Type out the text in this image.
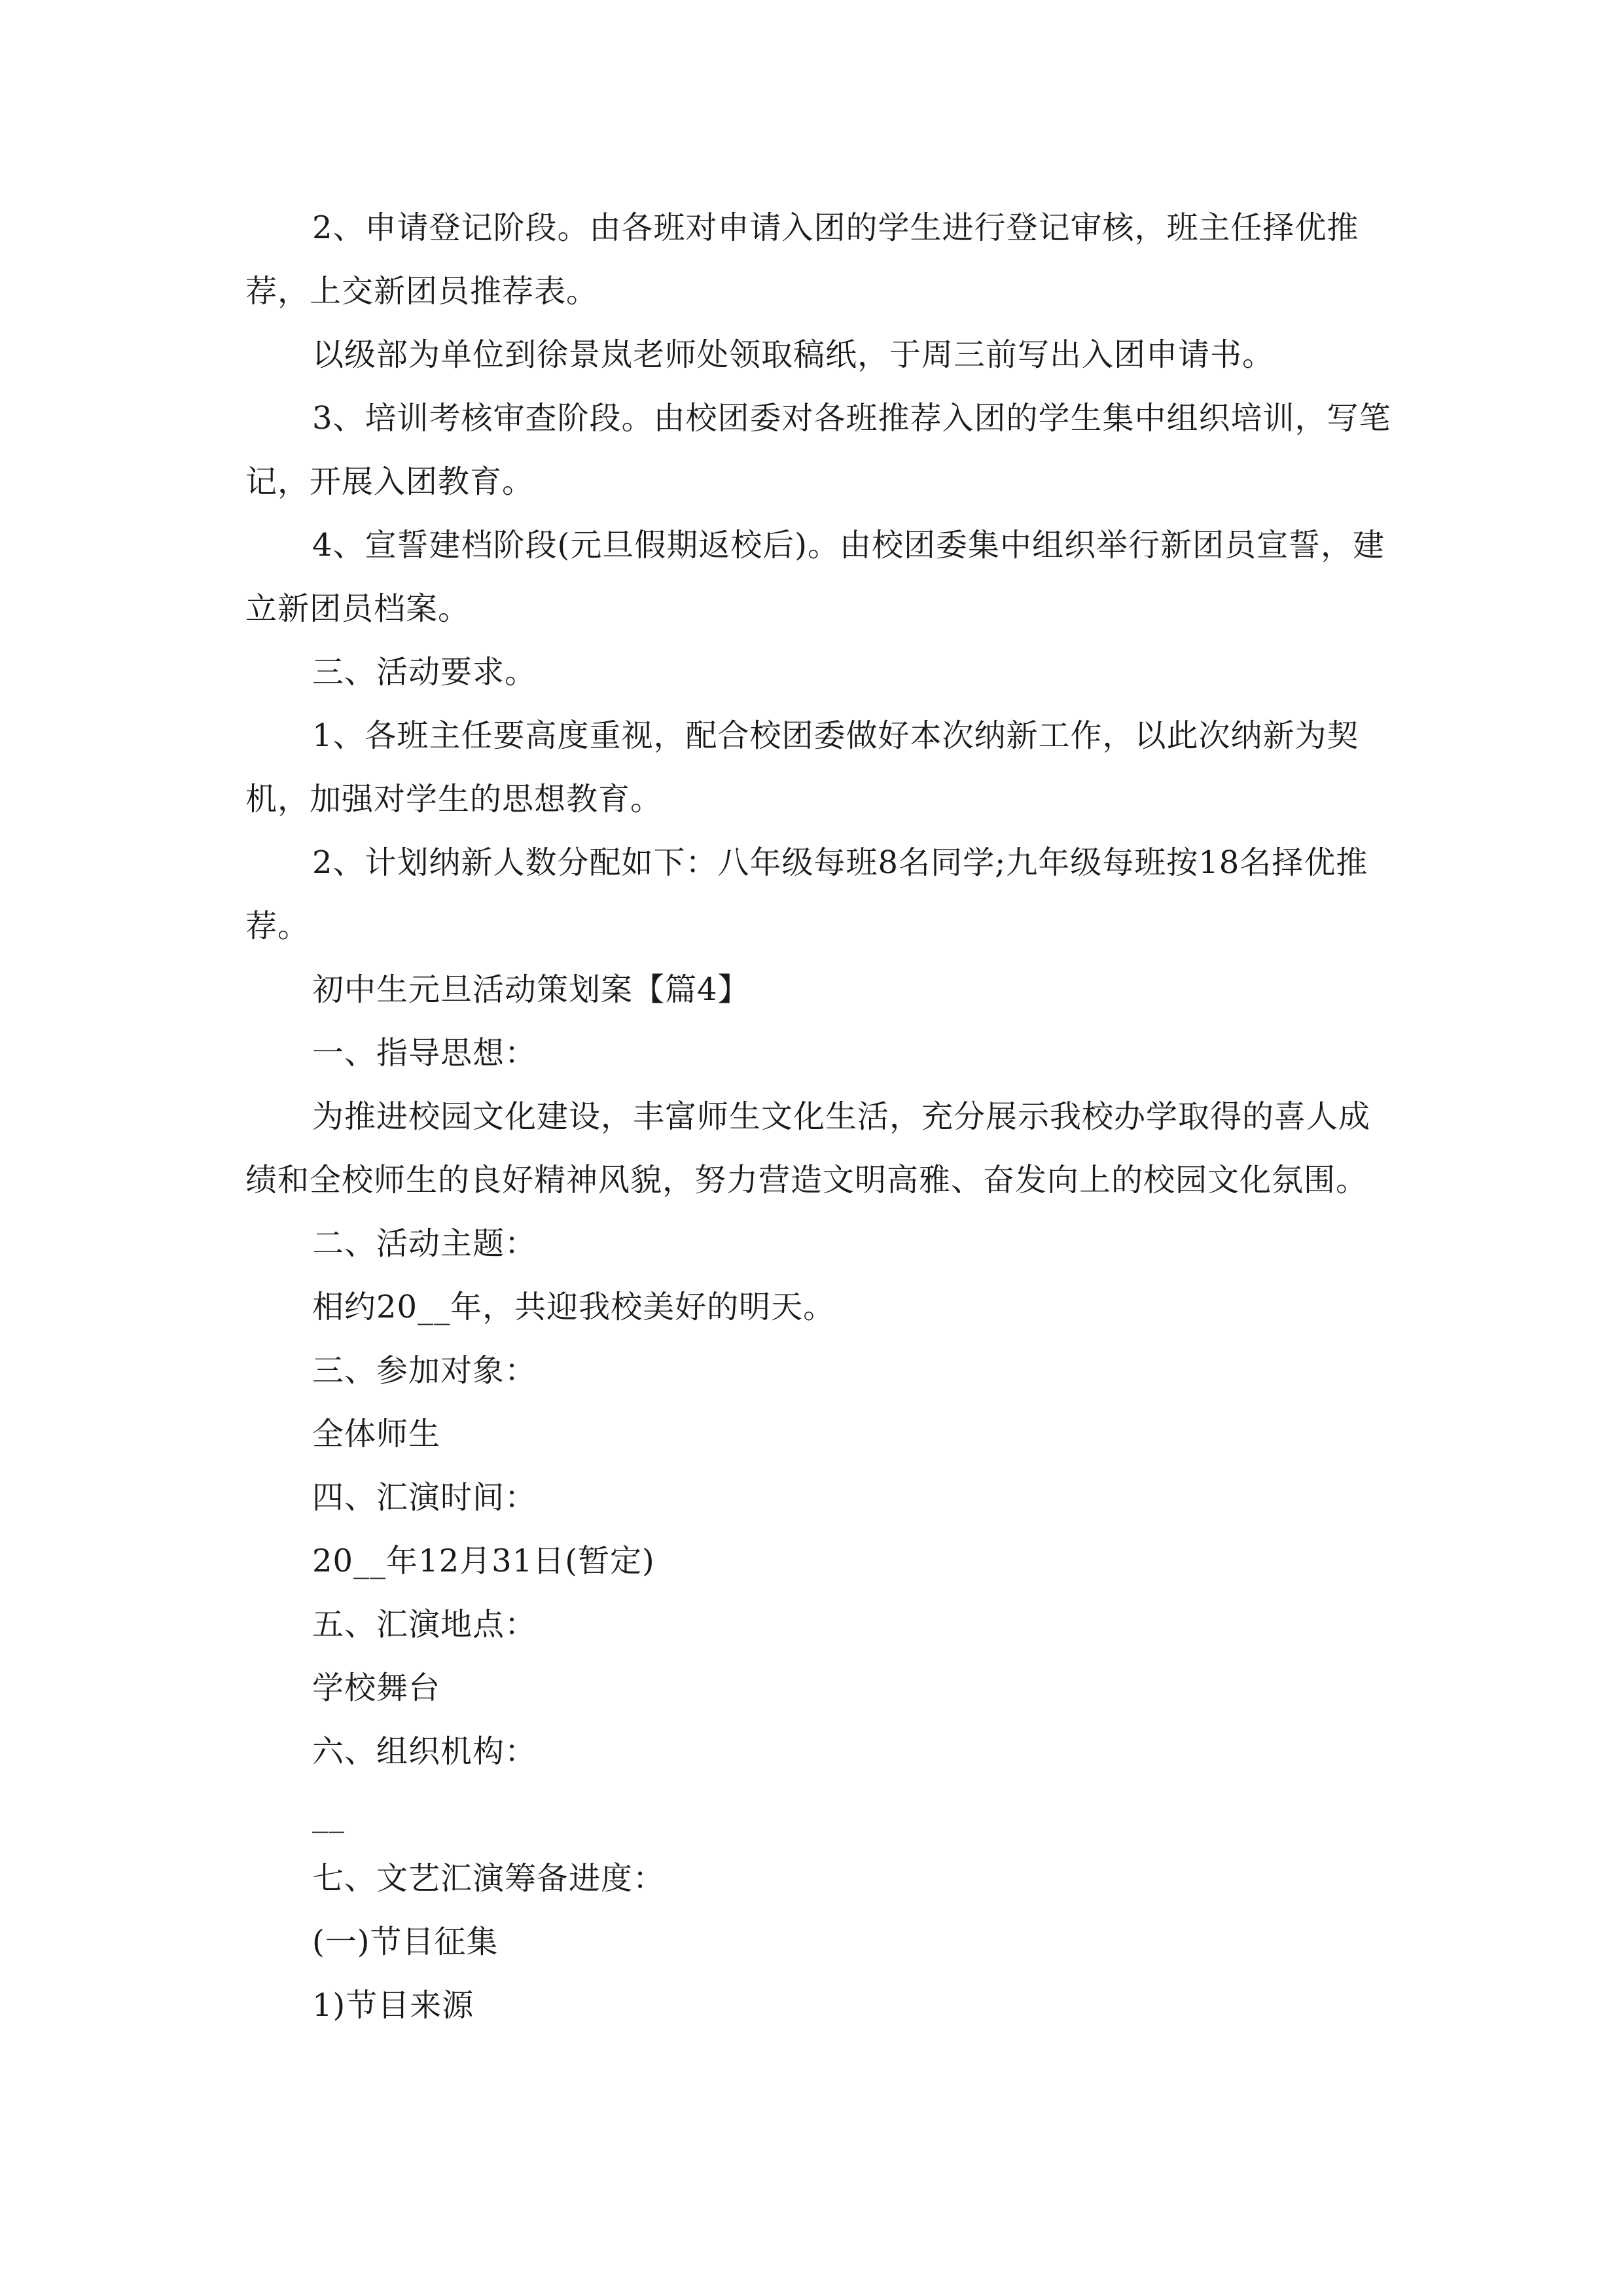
2、申请登记阶段。由各班对申请入团的学生进行登记审核，班主任择优推荐，上交新团员推荐表。

以级部为单位到徐景岚老师处领取稿纸，于周三前写出入团申请书。

3、培训考核审查阶段。由校团委对各班推荐入团的学生集中组织培训，写笔记，开展入团教育。

4、宣誓建档阶段(元旦假期返校后)。由校团委集中组织举行新团员宣誓，建立新团员档案。

三、活动要求。

1、各班主任要高度重视，配合校团委做好本次纳新工作，以此次纳新为契机，加强对学生的思想教育。

2、计划纳新人数分配如下：八年级每班8名同学;九年级每班按18名择优推荐。

初中生元旦活动策划案【篇4】

一、指导思想：

为推进校园文化建设，丰富师生文化生活，充分展示我校办学取得的喜人成绩和全校师生的良好精神风貌，努力营造文明高雅、奋发向上的校园文化氛围。

二、活动主题：

相约20__年，共迎我校美好的明天。

三、参加对象：

全体师生

四、汇演时间：

20__年12月31日(暂定)

五、汇演地点：

学校舞台

六、组织机构：

__

七、文艺汇演筹备进度：

(一)节目征集

1)节目来源
